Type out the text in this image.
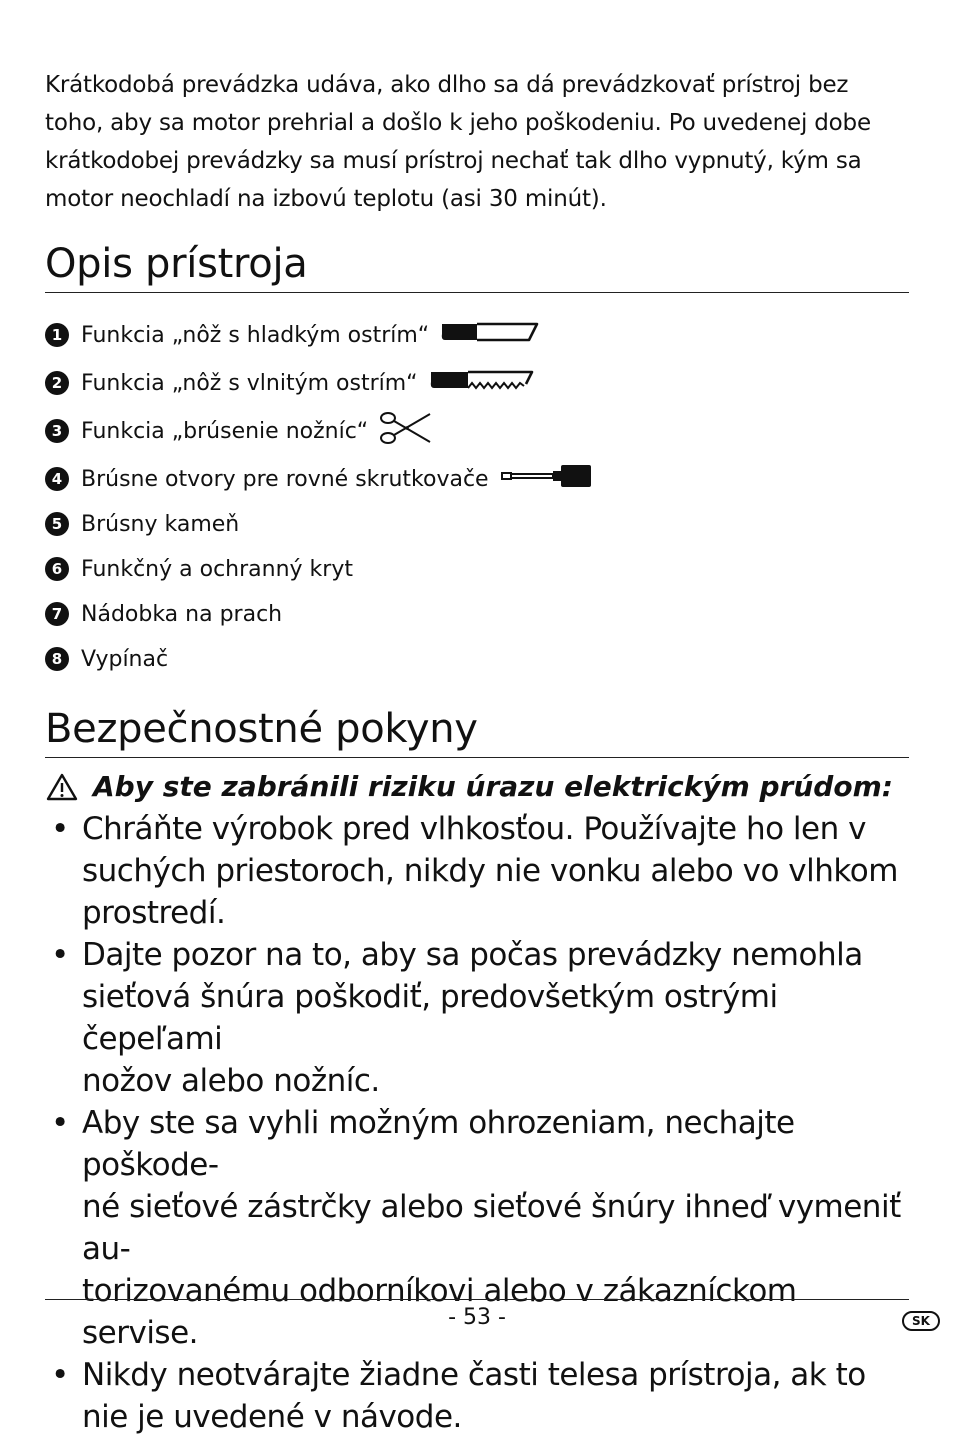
Krátkodobá prevádzka udáva, ako dlho sa dá prevádzkovať prístroj bez

toho, aby sa motor prehrial a došlo k jeho poškodeniu. Po uvedenej dobe

krátkodobej prevádzky sa musí prístroj nechať tak dlho vypnutý, kým sa

motor neochladí na izbovú teplotu (asi 30 minút).

Opis prístroja
1 Funkcia „nôž s hladkým ostrím“
2 Funkcia „nôž s vlnitým ostrím“
3 Funkcia „brúsenie nožníc“
4 Brúsne otvory pre rovné skrutkovače
5 Brúsny kameň
6 Funkčný a ochranný kryt
7 Nádobka na prach
8 Vypínač
Bezpečnostné pokyny
Aby ste zabránili riziku úrazu elektrickým prúdom:
• Chráňte výrobok pred vlhkosťou. Používajte ho len v
suchých priestoroch, nikdy nie vonku alebo vo vlhkom
prostredí.
• Dajte pozor na to, aby sa počas prevádzky nemohla
sieťová šnúra poškodiť, predovšetkým ostrými čepeľami
nožov alebo nožníc.
• Aby ste sa vyhli možným ohrozeniam, nechajte poškode-
né sieťové zástrčky alebo sieťové šnúry ihneď vymeniť au-
torizovanému odborníkovi alebo v zákazníckom servise.
• Nikdy neotvárajte žiadne časti telesa prístroja, ak to
nie je uvedené v návode.
- 53 -	SK
